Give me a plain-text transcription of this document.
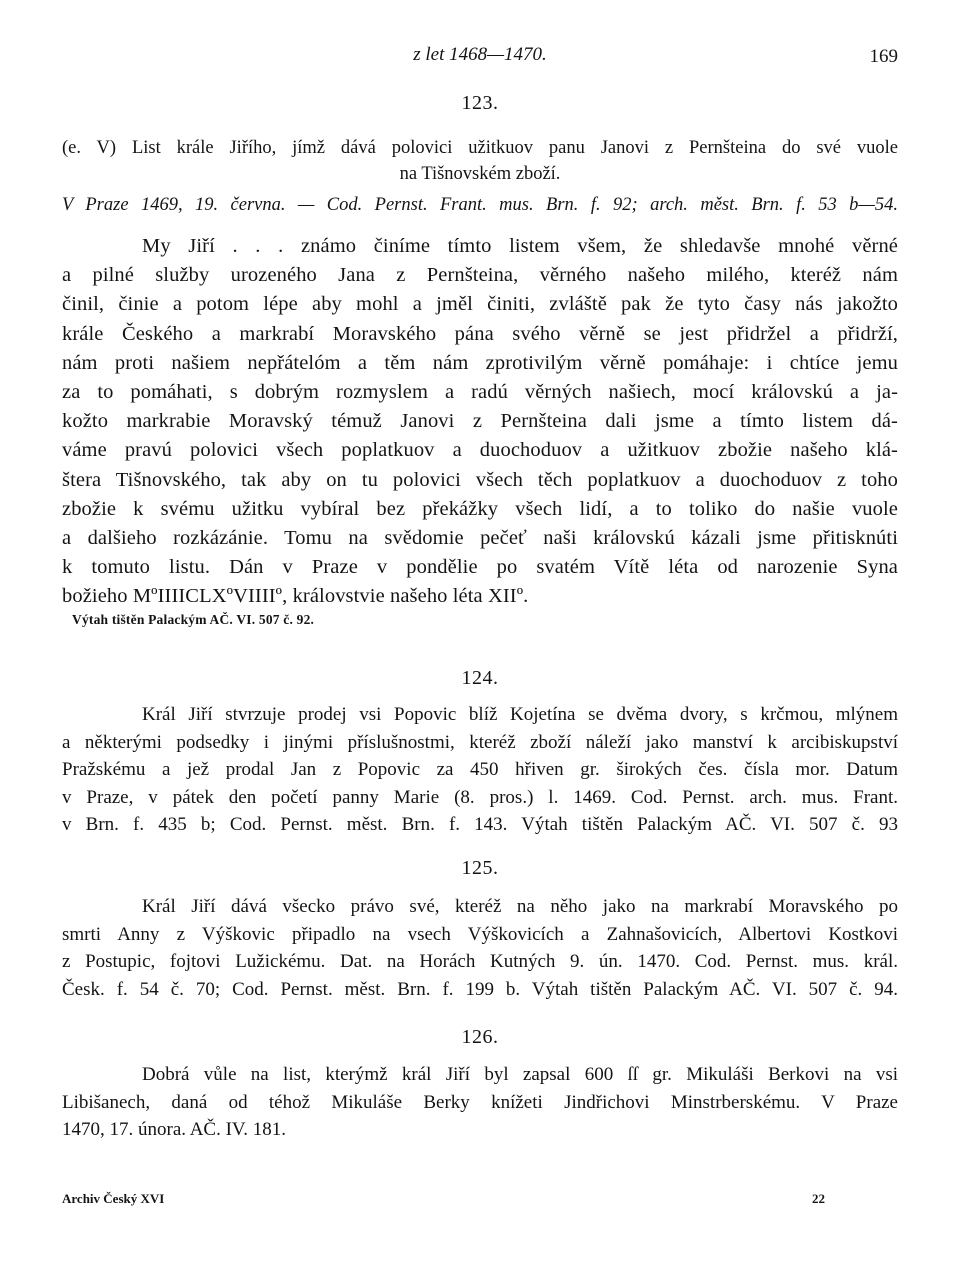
z let 1468—1470.	169
123.
(e. V) List krále Jiřího, jímž dává polovici užitkuov panu Janovi z Pernšteina do své vuole
na Tišnovském zboží.
V Praze 1469, 19. června. — Cod. Pernst. Frant. mus. Brn. f. 92; arch. měst. Brn. f. 53 b—54.
My Jiří . . . známo činíme tímto listem všem, že shledavše mnohé věrné
a pilné služby urozeného Jana z Pernšteina, věrného našeho milého, kteréž nám
činil, činie a potom lépe aby mohl a jměl činiti, zvláště pak že tyto časy nás jakožto
krále Českého a markrabí Moravského pána svého věrně se jest přidržel a přidrží,
nám proti našiem nepřátelóm a těm nám zprotivilým věrně pomáhaje: i chtíce jemu
za to pomáhati, s dobrým rozmyslem a radú věrných našiech, mocí královskú a ja-
kožto markrabie Moravský témuž Janovi z Pernšteina dali jsme a tímto listem dá-
váme pravú polovici všech poplatkuov a duochoduov a užitkuov zbožie našeho klá-
štera Tišnovského, tak aby on tu polovici všech těch poplatkuov a duochoduov z toho
zbožie k svému užitku vybíral bez překážky všech lidí, a to toliko do našie vuole
a dalšieho rozkázánie. Tomu na svědomie pečeť naši královskú kázali jsme přitisknúti
k tomuto listu. Dán v Praze v pondělie po svatém Vítě léta od narozenie Syna
božieho MºIIIICLXºVIIIIº, královstvie našeho léta XIIº.
Výtah tištěn Palackým AČ. VI. 507 č. 92.
124.
Král Jiří stvrzuje prodej vsi Popovic blíž Kojetína se dvěma dvory, s krčmou, mlýnem
a některými podsedky i jinými příslušnostmi, kteréž zboží náleží jako manství k arcibiskupství
Pražskému a jež prodal Jan z Popovic za 450 hřiven gr. širokých čes. čísla mor. Datum
v Praze, v pátek den početí panny Marie (8. pros.) l. 1469. Cod. Pernst. arch. mus. Frant.
v Brn. f. 435 b; Cod. Pernst. měst. Brn. f. 143. Výtah tištěn Palackým AČ. VI. 507 č. 93
125.
Král Jiří dává všecko právo své, kteréž na něho jako na markrabí Moravského po
smrti Anny z Výškovic připadlo na vsech Výškovicích a Zahnašovicích, Albertovi Kostkovi
z Postupic, fojtovi Lužickému. Dat. na Horách Kutných 9. ún. 1470. Cod. Pernst. mus. král.
Česk. f. 54 č. 70; Cod. Pernst. měst. Brn. f. 199 b. Výtah tištěn Palackým AČ. VI. 507 č. 94.
126.
Dobrá vůle na list, kterýmž král Jiří byl zapsal 600 ſſ gr. Mikuláši Berkovi na vsi
Libišanech, daná od téhož Mikuláše Berky knížeti Jindřichovi Minstrberskému. V Praze
1470, 17. února. AČ. IV. 181.
Archiv Český XVI	22
